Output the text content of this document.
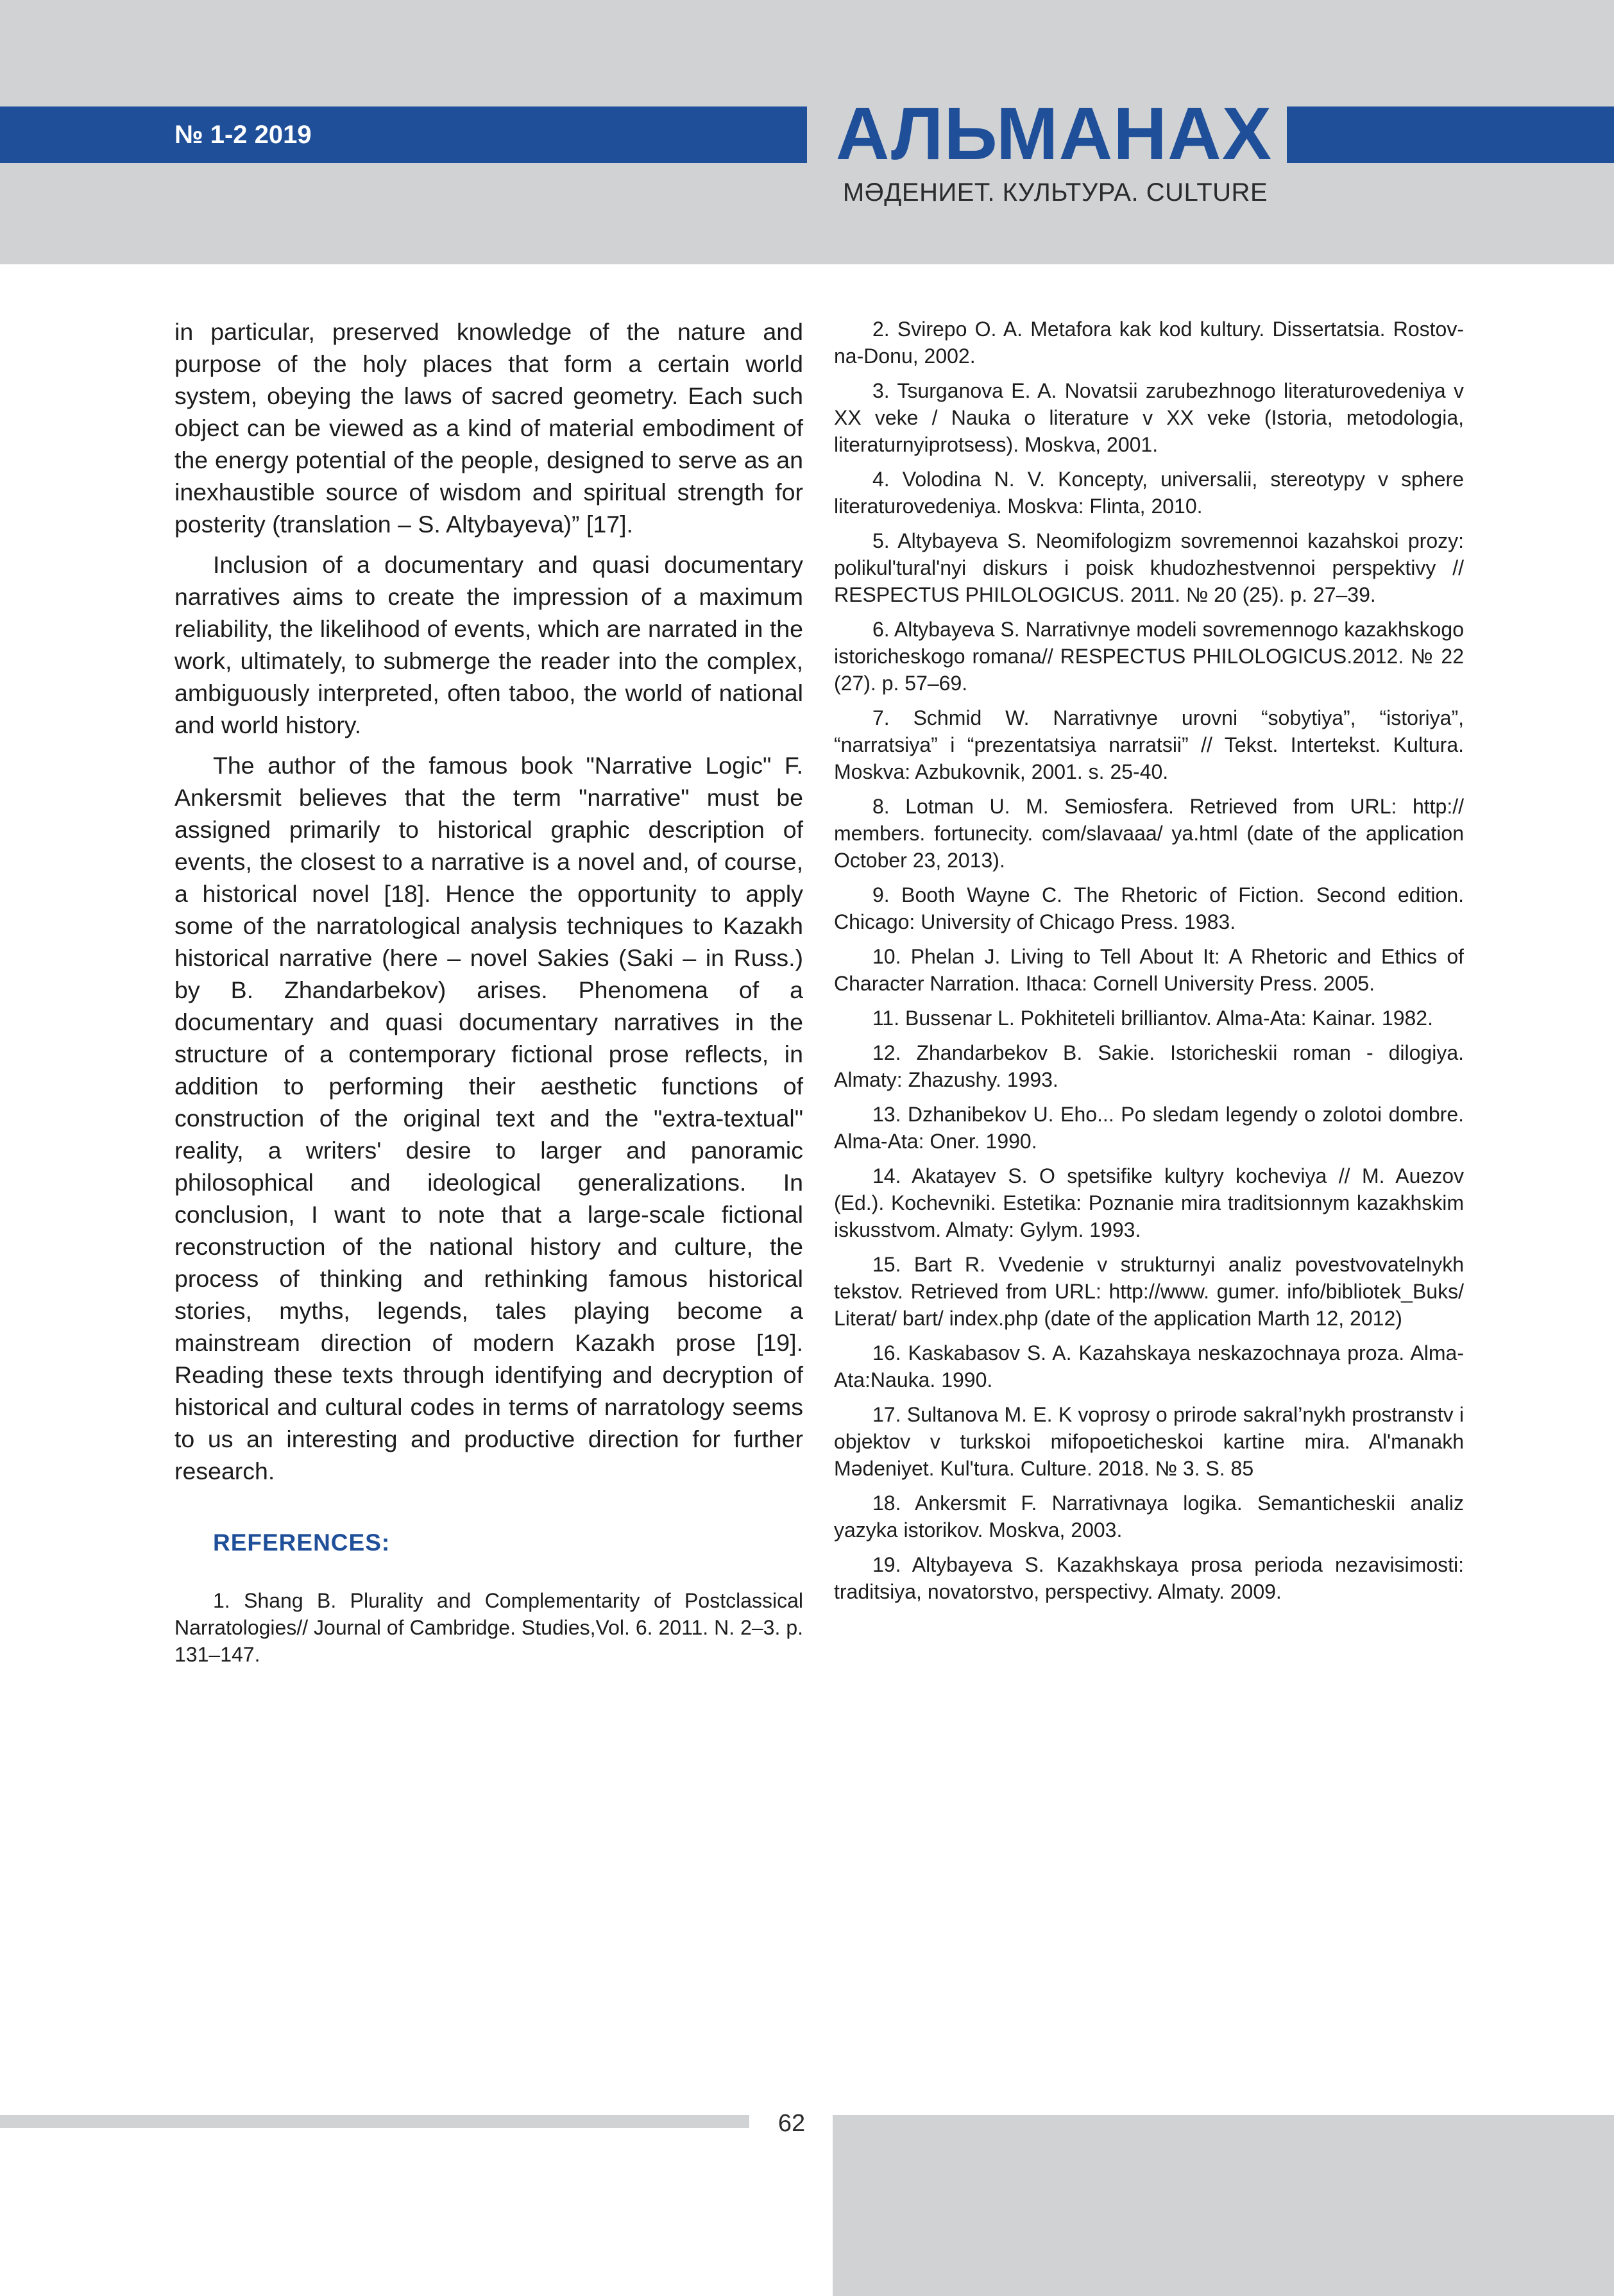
№ 1-2 2019	АЛЬМАНАХ
МӘДЕНИЕТ. КУЛЬТУРА. CULTURE

in particular, preserved knowledge of the nature and purpose of the holy places that form a certain world system, obeying the laws of sacred geometry. Each such object can be viewed as a kind of material embodiment of the energy potential of the people, designed to serve as an inexhaustible source of wisdom and spiritual strength for posterity (translation – S. Altybayeva)” [17].

Inclusion of a documentary and quasi documentary narratives aims to create the impression of a maximum reliability, the likelihood of events, which are narrated in the work, ultimately, to submerge the reader into the complex, ambiguously interpreted, often taboo, the world of national and world history.

The author of the famous book "Narrative Logic" F. Ankersmit believes that the term "narrative" must be assigned primarily to historical graphic description of events, the closest to a narrative is a novel and, of course, a historical novel [18]. Hence the opportunity to apply some of the narratological analysis techniques to Kazakh historical narrative (here – novel Sakies (Saki – in Russ.) by B. Zhandarbekov) arises. Phenomena of a documentary and quasi documentary narratives in the structure of a contemporary fictional prose reflects, in addition to performing their aesthetic functions of construction of the original text and the "extra-textual" reality, a writers' desire to larger and panoramic philosophical and ideological generalizations. In conclusion, I want to note that a large-scale fictional reconstruction of the national history and culture, the process of thinking and rethinking famous historical stories, myths, legends, tales playing become a mainstream direction of modern Kazakh prose [19]. Reading these texts through identifying and decryption of historical and cultural codes in terms of narratology seems to us an interesting and productive direction for further research.

REFERENCES:

1. Shang B. Plurality and Complementarity of Postclassical Narratologies// Journal of Cambridge. Studies,Vol. 6. 2011. N. 2–3. p. 131–147.

2. Svirepo O. A. Metafora kak kod kultury. Dissertatsia. Rostov-na-Donu, 2002.

3. Tsurganova E. A. Novatsii zarubezhnogo literaturovedeniya v XX veke / Nauka o literature v XX veke (Istoria, metodologia, literaturnyiprotsess). Moskva, 2001.

4. Volodina N. V. Koncepty, universalii, stereotypy v sphere literaturovedeniya. Moskva: Flinta, 2010.

5. Altybayeva S. Neomifologizm sovremennoi kazahskoi prozy: polikul'tural'nyi diskurs i poisk khudozhestvennoi perspektivy // RESPECTUS PHILOLOGICUS. 2011. № 20 (25). p. 27–39.

6. Altybayeva S. Narrativnye modeli sovremennogo kazakhskogo istoricheskogo romana// RESPECTUS PHILOLOGICUS.2012. № 22 (27). p. 57–69.

7. Schmid W. Narrativnye urovni “sobytiya”, “istoriya”, “narratsiya” i “prezentatsiya narratsii” // Tekst. Intertekst. Kultura. Moskva: Azbukovnik, 2001. s. 25-40.

8. Lotman U. M. Semiosfera. Retrieved from URL: http:// members. fortunecity. com/slavaaa/ ya.html (date of the application October 23, 2013).

9. Booth Wayne C. The Rhetoric of Fiction. Second edition. Chicago: University of Chicago Press. 1983.

10. Phelan J. Living to Tell About It: A Rhetoric and Ethics of Character Narration. Ithaca: Cornell University Press. 2005.

11. Bussenar L. Pokhiteteli brilliantov. Alma-Ata: Kainar. 1982.

12. Zhandarbekov B. Sakie. Istoricheskii roman - dilogiya. Almaty: Zhazushy. 1993.

13. Dzhanibekov U. Eho... Po sledam legendy o zolotoi dombre. Alma-Ata: Oner. 1990.

14. Akatayev S. O spetsifike kultyry kocheviya // M. Auezov (Ed.). Kochevniki. Estetika: Poznanie mira traditsionnym kazakhskim iskusstvom. Almaty: Gylym. 1993.

15. Bart R. Vvedenie v strukturnyi analiz povestvovatelnykh tekstov. Retrieved from URL: http://www. gumer. info/bibliotek_Buks/ Literat/ bart/ index.php (date of the application Marth 12, 2012)

16. Kaskabasov S. A. Kazahskaya neskazochnaya proza. Alma-Ata:Nauka. 1990.

17. Sultanova M. E. K voprosy o prirode sakral’nykh prostranstv i objektov v turkskoi mifopoeticheskoi kartine mira. Al'manakh Mədeniyet. Kul'tura. Culture. 2018. № 3. S. 85

18. Ankersmit F. Narrativnaya logika. Semanticheskii analiz yazyka istorikov. Moskva, 2003.

19. Altybayeva S. Kazakhskaya prosa perioda nezavisimosti: traditsiya, novatorstvo, perspectivy. Almaty. 2009.

62
